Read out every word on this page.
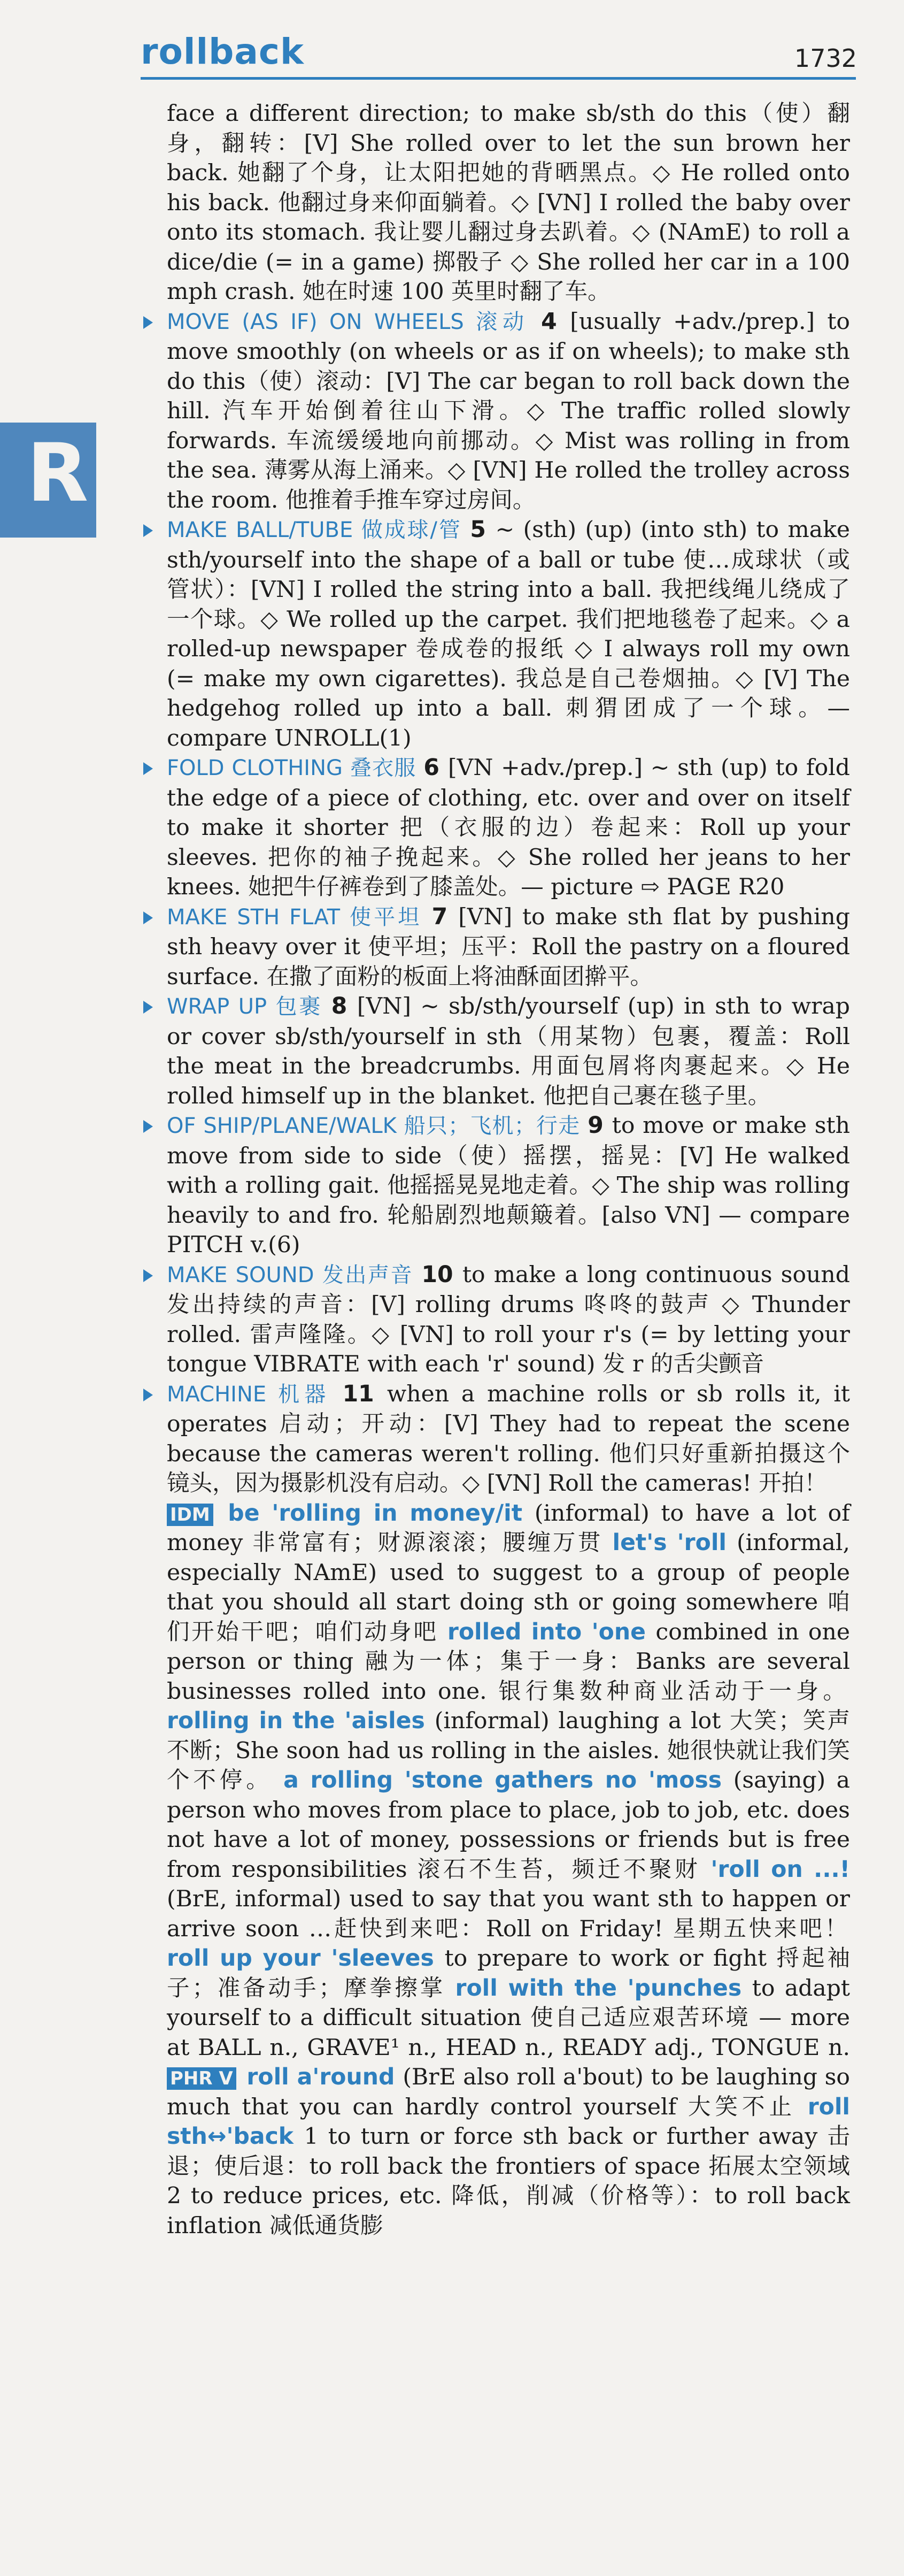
rollback	1732
R

face a different direction; to make sb/sth do this（使）翻身，翻转：[V] She rolled over to let the sun brown her back. 她翻了个身，让太阳把她的背晒黑点。◇ He rolled onto his back. 他翻过身来仰面躺着。◇ [VN] I rolled the baby over onto its stomach. 我让婴儿翻过身去趴着。◇ (NAmE) to roll a dice/die (= in a game) 掷骰子 ◇ She rolled her car in a 100 mph crash. 她在时速 100 英里时翻了车。

MOVE (AS IF) ON WHEELS 滚动 4 [usually +adv./prep.] to move smoothly (on wheels or as if on wheels); to make sth do this（使）滚动：[V] The car began to roll back down the hill. 汽车开始倒着往山下滑。◇ The traffic rolled slowly forwards. 车流缓缓地向前挪动。◇ Mist was rolling in from the sea. 薄雾从海上涌来。◇ [VN] He rolled the trolley across the room. 他推着手推车穿过房间。

MAKE BALL/TUBE 做成球/管 5 ~ (sth) (up) (into sth) to make sth/yourself into the shape of a ball or tube 使…成球状（或管状）：[VN] I rolled the string into a ball. 我把线绳儿绕成了一个球。◇ We rolled up the carpet. 我们把地毯卷了起来。◇ a rolled-up newspaper 卷成卷的报纸 ◇ I always roll my own (= make my own cigarettes). 我总是自己卷烟抽。◇ [V] The hedgehog rolled up into a ball. 刺猬团成了一个球。— compare UNROLL(1)

FOLD CLOTHING 叠衣服 6 [VN +adv./prep.] ~ sth (up) to fold the edge of a piece of clothing, etc. over and over on itself to make it shorter 把（衣服的边）卷起来：Roll up your sleeves. 把你的袖子挽起来。◇ She rolled her jeans to her knees. 她把牛仔裤卷到了膝盖处。— picture ⇨ PAGE R20

MAKE STH FLAT 使平坦 7 [VN] to make sth flat by pushing sth heavy over it 使平坦；压平：Roll the pastry on a floured surface. 在撒了面粉的板面上将油酥面团擀平。

WRAP UP 包裹 8 [VN] ~ sb/sth/yourself (up) in sth to wrap or cover sb/sth/yourself in sth（用某物）包裹，覆盖：Roll the meat in the breadcrumbs. 用面包屑将肉裹起来。◇ He rolled himself up in the blanket. 他把自己裹在毯子里。

OF SHIP/PLANE/WALK 船只；飞机；行走 9 to move or make sth move from side to side（使）摇摆，摇晃：[V] He walked with a rolling gait. 他摇摇晃晃地走着。◇ The ship was rolling heavily to and fro. 轮船剧烈地颠簸着。[also VN] — compare PITCH v.(6)

MAKE SOUND 发出声音 10 to make a long continuous sound 发出持续的声音：[V] rolling drums 咚咚的鼓声 ◇ Thunder rolled. 雷声隆隆。◇ [VN] to roll your r's (= by letting your tongue VIBRATE with each 'r' sound) 发 r 的舌尖颤音

MACHINE 机器 11 when a machine rolls or sb rolls it, it operates 启动；开动：[V] They had to repeat the scene because the cameras weren't rolling. 他们只好重新拍摄这个镜头，因为摄影机没有启动。◇ [VN] Roll the cameras! 开拍！

IDM be 'rolling in money/it (informal) to have a lot of money 非常富有；财源滚滚；腰缠万贯 let's 'roll (informal, especially NAmE) used to suggest to a group of people that you should all start doing sth or going somewhere 咱们开始干吧；咱们动身吧 rolled into 'one combined in one person or thing 融为一体；集于一身：Banks are several businesses rolled into one. 银行集数种商业活动于一身。 rolling in the 'aisles (informal) laughing a lot 大笑；笑声不断；She soon had us rolling in the aisles. 她很快就让我们笑个不停。 a rolling 'stone gathers no 'moss (saying) a person who moves from place to place, job to job, etc. does not have a lot of money, possessions or friends but is free from responsibilities 滚石不生苔，频迁不聚财 'roll on ...! (BrE, informal) used to say that you want sth to happen or arrive soon …赶快到来吧：Roll on Friday! 星期五快来吧！ roll up your 'sleeves to prepare to work or fight 捋起袖子；准备动手；摩拳擦掌 roll with the 'punches to adapt yourself to a difficult situation 使自己适应艰苦环境 — more at BALL n., GRAVE¹ n., HEAD n., READY adj., TONGUE n. PHR V roll a'round (BrE also roll a'bout) to be laughing so much that you can hardly control yourself 大笑不止 roll sth↔'back 1 to turn or force sth back or further away 击退；使后退：to roll back the frontiers of space 拓展太空领域 2 to reduce prices, etc. 降低，削减（价格等）：to roll back inflation 减低通货膨
